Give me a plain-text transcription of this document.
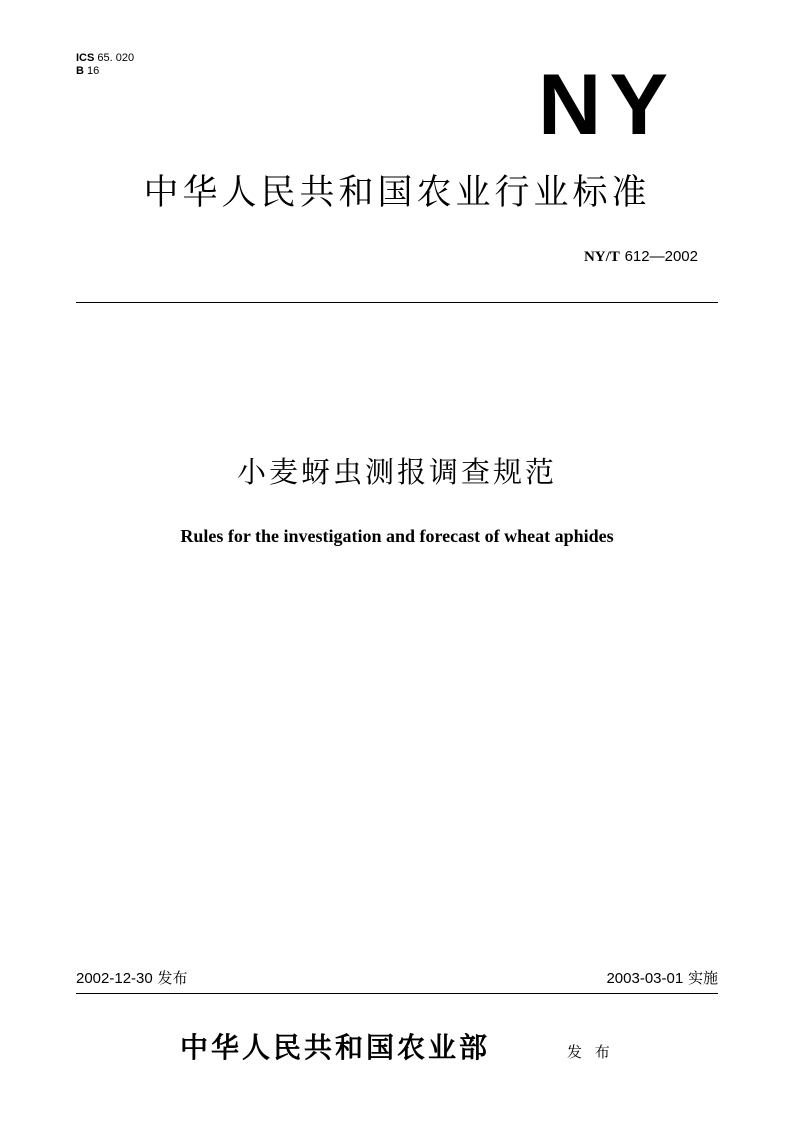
ICS 65. 020
B 16	NY
中华人民共和国农业行业标准
NY/T 612—2002
小麦蚜虫测报调查规范
Rules for the investigation and forecast of wheat aphides
2002-12-30 发布	2003-03-01 实施
中华人民共和国农业部	发 布
